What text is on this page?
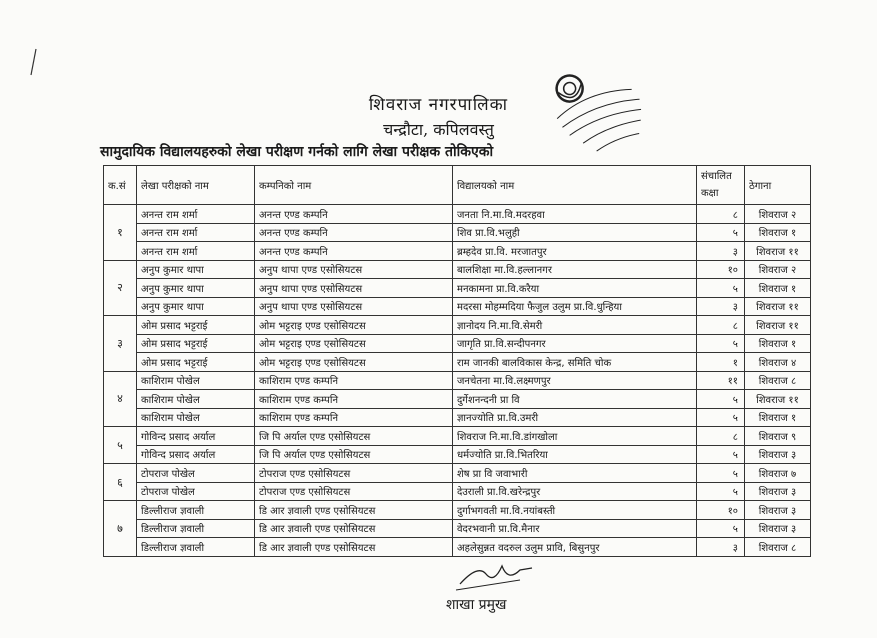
शिवराज नगरपालिका
चन्द्रौटा, कपिलवस्तु
सामुदायिक विद्यालयहरुको लेखा परीक्षण गर्नको लागि लेखा परीक्षक तोकिएको
क.सं	लेखा परीक्षको नाम	कम्पनिको नाम	विद्यालयको नाम	संचालित कक्षा	ठेगाना
१	अनन्त राम शर्मा	अनन्त एण्ड कम्पनि	जनता नि.मा.वि.मदरहवा	८	शिवराज २
	अनन्त राम शर्मा	अनन्त एण्ड कम्पनि	शिव प्रा.वि.भलुही	५	शिवराज १
	अनन्त राम शर्मा	अनन्त एण्ड कम्पनि	ब्रम्हदेव प्रा.वि. मरजातपुर	३	शिवराज ११
२	अनुप कुमार थापा	अनुप थापा एण्ड एसोसियटस	बालशिक्षा मा.वि.हल्लानगर	१०	शिवराज २
	अनुप कुमार थापा	अनुप थापा एण्ड एसोसियटस	मनकामना प्रा.वि.करैया	५	शिवराज १
	अनुप कुमार थापा	अनुप थापा एण्ड एसोसियटस	मदरसा मोहम्मदिया फैजुल उलुम प्रा.वि.धुन्हिया	३	शिवराज ११
३	ओम प्रसाद भट्टराई	ओम भट्टराइ एण्ड एसोसियटस	ज्ञानोदय नि.मा.वि.सेमरी	८	शिवराज ११
	ओम प्रसाद भट्टराई	ओम भट्टराइ एण्ड एसोसियटस	जागृति प्रा.वि.सन्दीपनगर	५	शिवराज १
	ओम प्रसाद भट्टराई	ओम भट्टराइ एण्ड एसोसियटस	राम जानकी बालविकास केन्द्र, समिति चोक	१	शिवराज ४
४	काशिराम पोखेल	काशिराम एण्ड कम्पनि	जनचेतना मा.वि.लक्ष्मणपुर	११	शिवराज ८
	काशिराम पोखेल	काशिराम एण्ड कम्पनि	दुर्गेशनन्दनी प्रा वि	५	शिवराज ११
	काशिराम पोखेल	काशिराम एण्ड कम्पनि	ज्ञानज्योति प्रा.वि.उमरी	५	शिवराज १
५	गोविन्द प्रसाद अर्याल	जि पि अर्याल एण्ड एसोसियटस	शिवराज नि.मा.वि.डांगखोला	८	शिवराज ९
	गोविन्द प्रसाद अर्याल	जि पि अर्याल एण्ड एसोसियटस	धर्मज्योति प्रा.वि.भितरिया	५	शिवराज ३
६	टोपराज पोखेल	टोपराज एण्ड एसोसियटस	शेष प्रा वि जवाभारी	५	शिवराज ७
	टोपराज पोखेल	टोपराज एण्ड एसोसियटस	देउराली प्रा.वि.खरेन्द्रपुर	५	शिवराज ३
७	डिल्लीराज ज्ञवाली	डि आर ज्ञवाली एण्ड एसोसियटस	दुर्गाभगवती मा.वि.नयांबस्ती	१०	शिवराज ३
	डिल्लीराज ज्ञवाली	डि आर ज्ञवाली एण्ड एसोसियटस	वेदरभवानी प्रा.वि.मैनार	५	शिवराज ३
	डिल्लीराज ज्ञवाली	डि आर ज्ञवाली एण्ड एसोसियटस	अहलेसुन्नत वदरुल उलुम प्रावि, बिसुनपुर	३	शिवराज ८
शाखा प्रमुख
